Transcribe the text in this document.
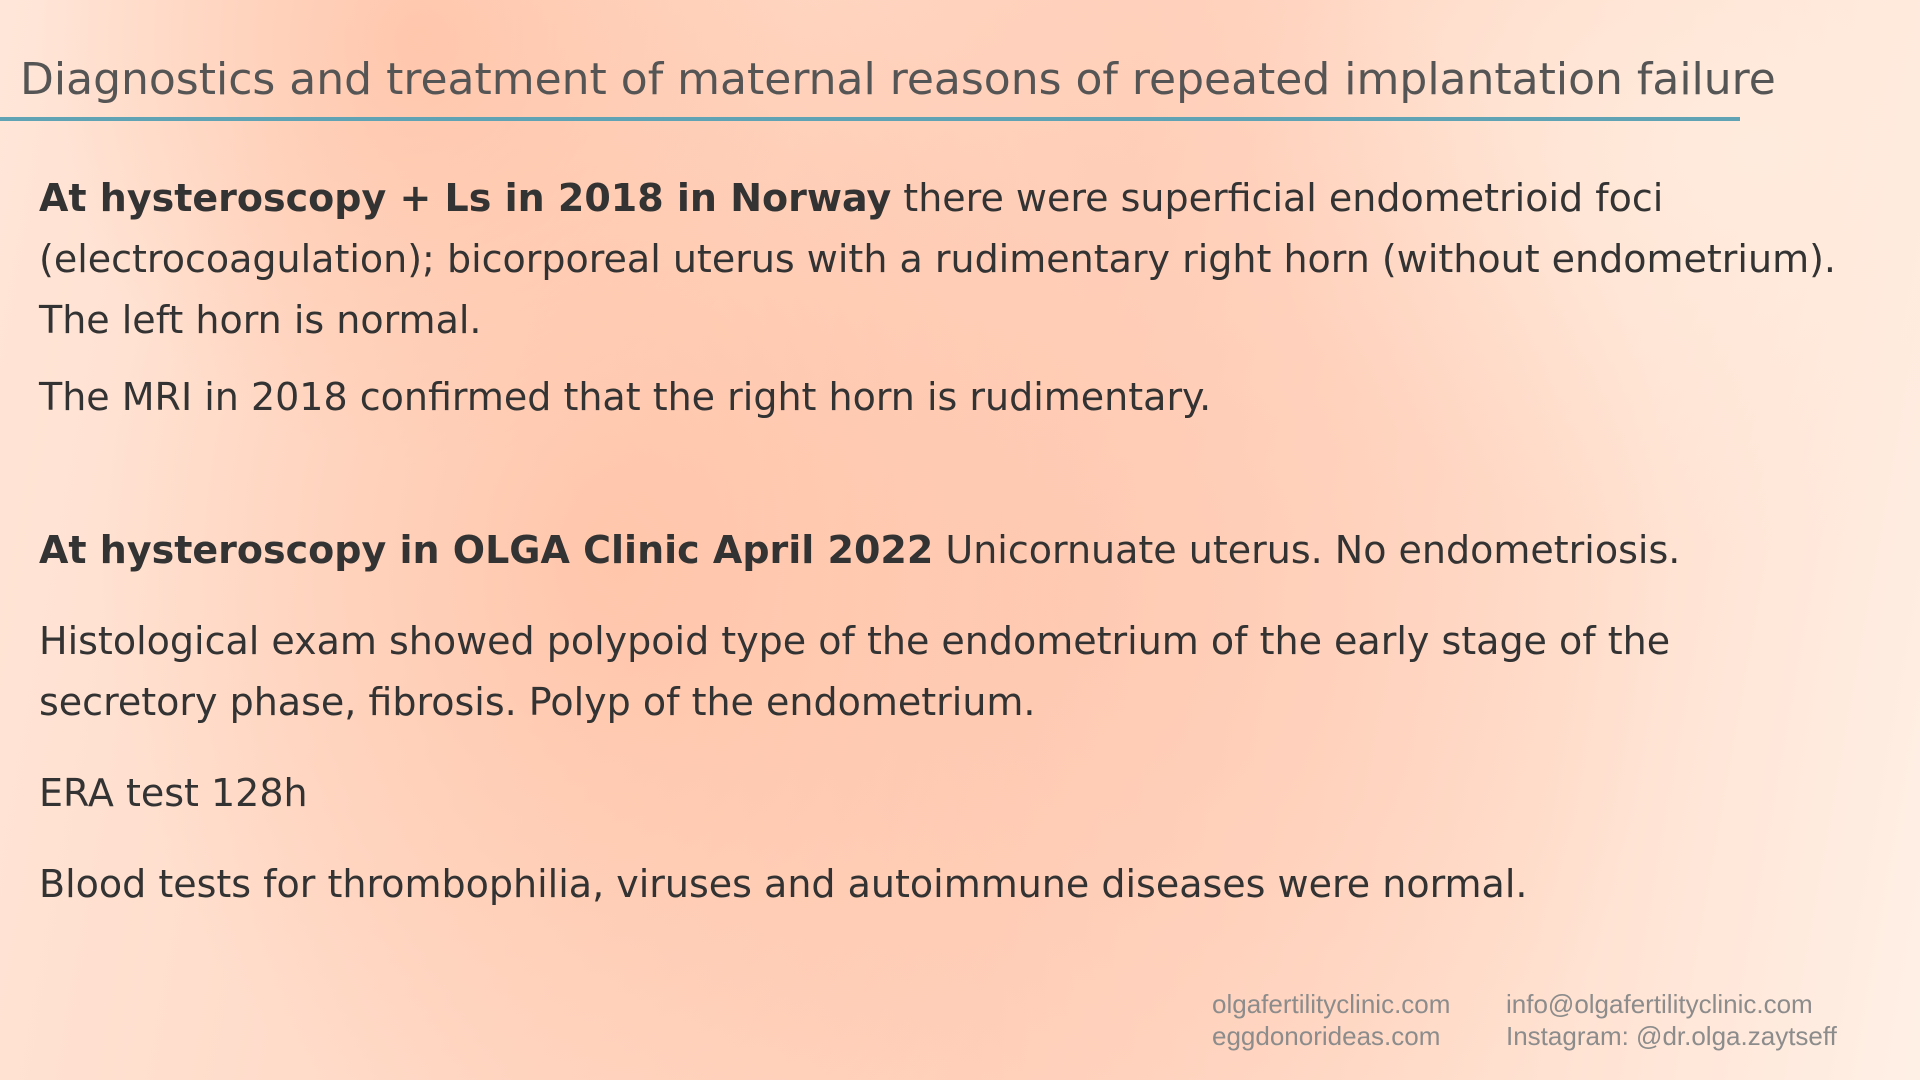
Diagnostics and treatment of maternal reasons of repeated implantation failure

At hysteroscopy + Ls in 2018 in Norway there were superficial endometrioid foci (electrocoagulation); bicorporeal uterus with a rudimentary right horn (without endometrium). The left horn is normal.

The MRI in 2018 confirmed that the right horn is rudimentary.

At hysteroscopy in OLGA Clinic April 2022 Unicornuate uterus. No endometriosis.

Histological exam showed polypoid type of the endometrium of the early stage of the secretory phase, fibrosis. Polyp of the endometrium.

ERA test 128h

Blood tests for thrombophilia, viruses and autoimmune diseases were normal.

olgafertilityclinic.com
eggdonorideas.com
info@olgafertilityclinic.com
Instagram: @dr.olga.zaytseff
